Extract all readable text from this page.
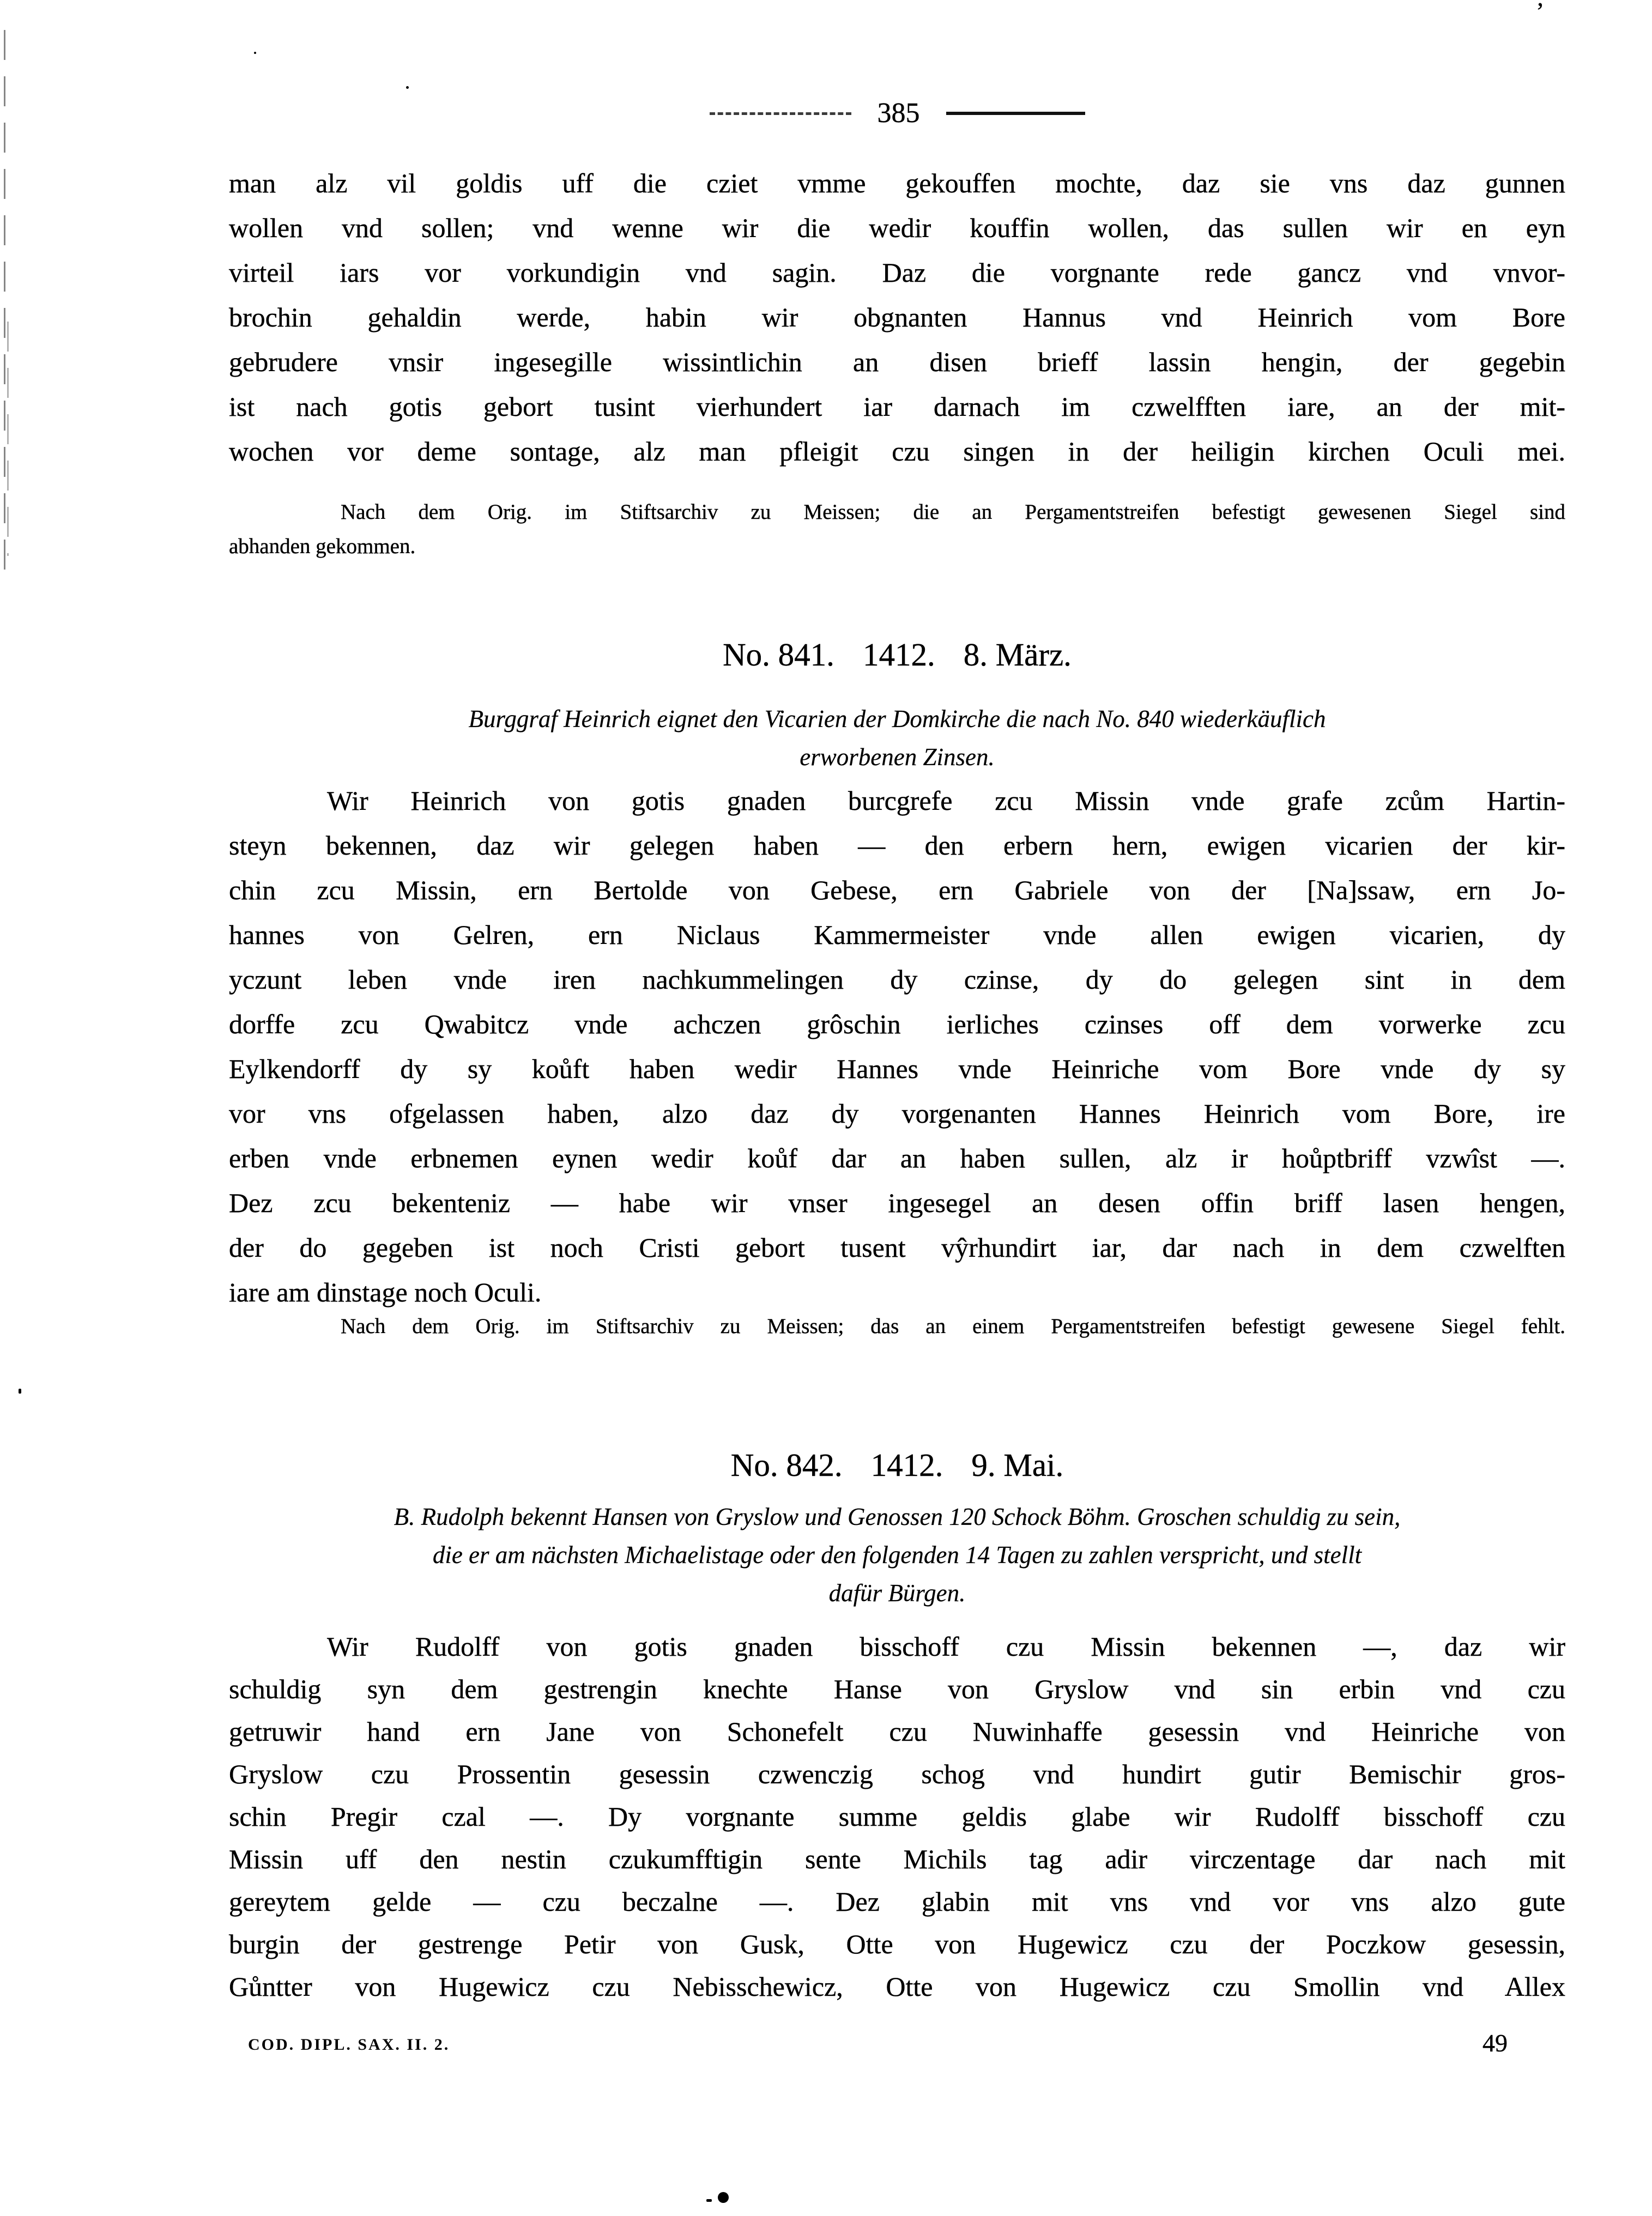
’
385
man alz vil goldis uff die cziet vmme gekouffen mochte, daz sie vns daz gunnen
wollen vnd sollen; vnd wenne wir die wedir kouffin wollen, das sullen wir en eyn
virteil iars vor vorkundigin vnd sagin. Daz die vorgnante rede gancz vnd vnvor-
brochin gehaldin werde, habin wir obgnanten Hannus vnd Heinrich vom Bore
gebrudere vnsir ingesegille wissintlichin an disen brieff lassin hengin, der gegebin
ist nach gotis gebort tusint vierhundert iar darnach im czwelfften iare, an der mit-
wochen vor deme sontage, alz man pfleigit czu singen in der heiligin kirchen Oculi mei.
Nach dem Orig. im Stiftsarchiv zu Meissen; die an Pergamentstreifen befestigt gewesenen Siegel sind
abhanden gekommen.
No. 841. 1412. 8. März.
Burggraf Heinrich eignet den Vicarien der Domkirche die nach No. 840 wiederkäuflich
erworbenen Zinsen.
Wir Heinrich von gotis gnaden burcgrefe zcu Missin vnde grafe zcům Hartin-
steyn bekennen, daz wir gelegen haben — den erbern hern, ewigen vicarien der kir-
chin zcu Missin, ern Bertolde von Gebese, ern Gabriele von der [Na]ssaw, ern Jo-
hannes von Gelren, ern Niclaus Kammermeister vnde allen ewigen vicarien, dy
yczunt leben vnde iren nachkummelingen dy czinse, dy do gelegen sint in dem
dorffe zcu Qwabitcz vnde achczen grôschin ierliches czinses off dem vorwerke zcu
Eylkendorff dy sy koůft haben wedir Hannes vnde Heinriche vom Bore vnde dy sy
vor vns ofgelassen haben, alzo daz dy vorgenanten Hannes Heinrich vom Bore, ire
erben vnde erbnemen eynen wedir koůf dar an haben sullen, alz ir hoůptbriff vzwîst —.
Dez zcu bekenteniz — habe wir vnser ingesegel an desen offin briff lasen hengen,
der do gegeben ist noch Cristi gebort tusent vŷrhundirt iar, dar nach in dem czwelften
iare am dinstage noch Oculi.
Nach dem Orig. im Stiftsarchiv zu Meissen; das an einem Pergamentstreifen befestigt gewesene Siegel fehlt.
No. 842. 1412. 9. Mai.
B. Rudolph bekennt Hansen von Gryslow und Genossen 120 Schock Böhm. Groschen schuldig zu sein,
die er am nächsten Michaelistage oder den folgenden 14 Tagen zu zahlen verspricht, und stellt
dafür Bürgen.
Wir Rudolff von gotis gnaden bisschoff czu Missin bekennen —, daz wir
schuldig syn dem gestrengin knechte Hanse von Gryslow vnd sin erbin vnd czu
getruwir hand ern Jane von Schonefelt czu Nuwinhaffe gesessin vnd Heinriche von
Gryslow czu Prossentin gesessin czwenczig schog vnd hundirt gutir Bemischir gros-
schin Pregir czal —. Dy vorgnante summe geldis glabe wir Rudolff bisschoff czu
Missin uff den nestin czukumfftigin sente Michils tag adir virczentage dar nach mit
gereytem gelde — czu beczalne —. Dez glabin mit vns vnd vor vns alzo gute
burgin der gestrenge Petir von Gusk, Otte von Hugewicz czu der Poczkow gesessin,
Gůntter von Hugewicz czu Nebisschewicz, Otte von Hugewicz czu Smollin vnd Allex
COD. DIPL. SAX. II. 2.	49
